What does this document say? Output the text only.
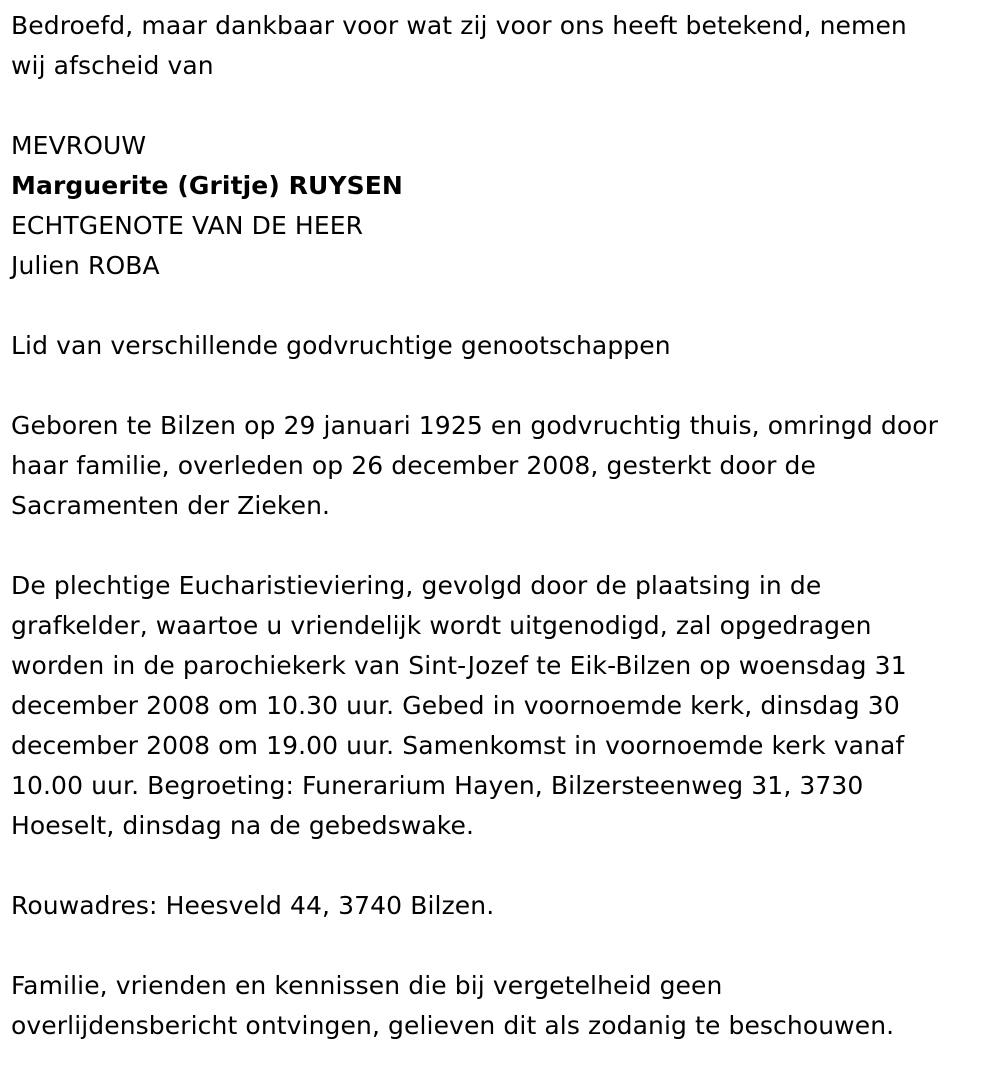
Bedroefd, maar dankbaar voor wat zij voor ons heeft betekend, nemen
wij afscheid van
MEVROUW
Marguerite (Gritje) RUYSEN
ECHTGENOTE VAN DE HEER
Julien ROBA
Lid van verschillende godvruchtige genootschappen
Geboren te Bilzen op 29 januari 1925 en godvruchtig thuis, omringd door
haar familie, overleden op 26 december 2008, gesterkt door de
Sacramenten der Zieken.
De plechtige Eucharistieviering, gevolgd door de plaatsing in de
grafkelder, waartoe u vriendelijk wordt uitgenodigd, zal opgedragen
worden in de parochiekerk van Sint-Jozef te Eik-Bilzen op woensdag 31
december 2008 om 10.30 uur. Gebed in voornoemde kerk, dinsdag 30
december 2008 om 19.00 uur. Samenkomst in voornoemde kerk vanaf
10.00 uur. Begroeting: Funerarium Hayen, Bilzersteenweg 31, 3730
Hoeselt, dinsdag na de gebedswake.
Rouwadres: Heesveld 44, 3740 Bilzen.
Familie, vrienden en kennissen die bij vergetelheid geen
overlijdensbericht ontvingen, gelieven dit als zodanig te beschouwen.
